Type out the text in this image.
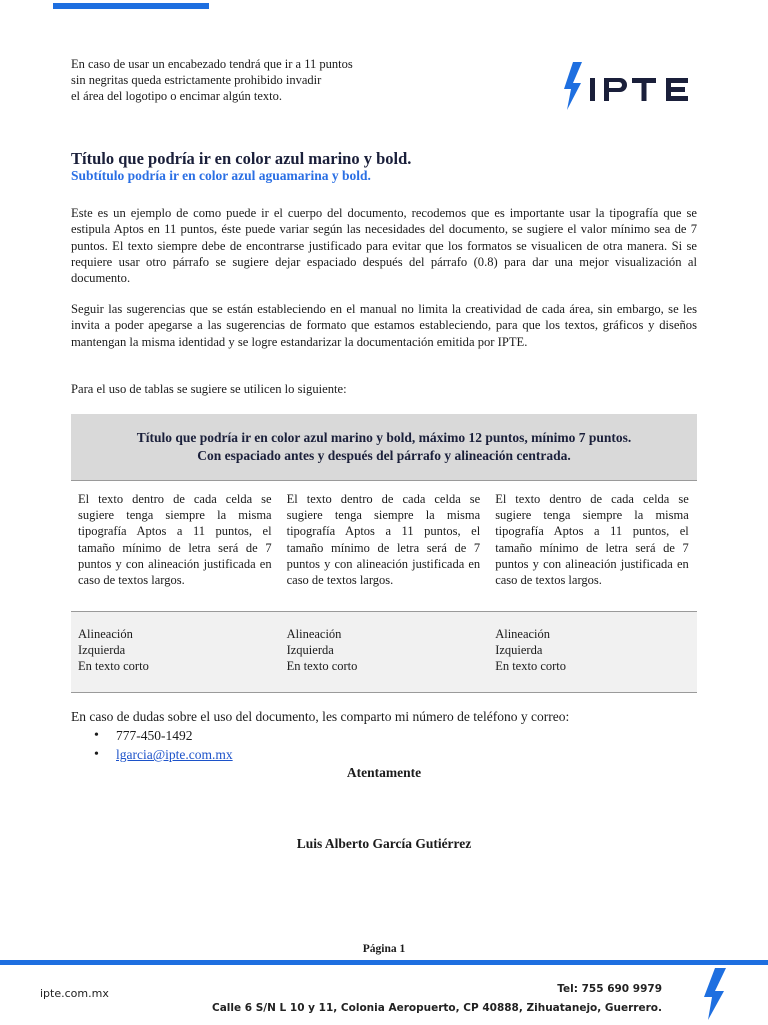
En caso de usar un encabezado tendrá que ir a 11 puntos
sin negritas queda estrictamente prohibido invadir
el área del logotipo o encimar algún texto.
Título que podría ir en color azul marino y bold.
Subtítulo podría ir en color azul aguamarina y bold.
Este es un ejemplo de como puede ir el cuerpo del documento, recodemos que es importante usar la tipografía que se estipula Aptos en 11 puntos, éste puede variar según las necesidades del documento, se sugiere el valor mínimo sea de 7 puntos. El texto siempre debe de encontrarse justificado para evitar que los formatos se visualicen de otra manera. Si se requiere usar otro párrafo se sugiere dejar espaciado después del párrafo (0.8) para dar una mejor visualización al documento.
Seguir las sugerencias que se están estableciendo en el manual no limita la creatividad de cada área, sin embargo, se les invita a poder apegarse a las sugerencias de formato que estamos estableciendo, para que los textos, gráficos y diseños mantengan la misma identidad y se logre estandarizar la documentación emitida por IPTE.
Para el uso de tablas se sugiere se utilicen lo siguiente:
Título que podría ir en color azul marino y bold, máximo 12 puntos, mínimo 7 puntos.
Con espaciado antes y después del párrafo y alineación centrada.
El texto dentro de cada celda se sugiere tenga siempre la misma tipografía Aptos a 11 puntos, el tamaño mínimo de letra será de 7 puntos y con alineación justificada en caso de textos largos.
El texto dentro de cada celda se sugiere tenga siempre la misma tipografía Aptos a 11 puntos, el tamaño mínimo de letra será de 7 puntos y con alineación justificada en caso de textos largos.
El texto dentro de cada celda se sugiere tenga siempre la misma tipografía Aptos a 11 puntos, el tamaño mínimo de letra será de 7 puntos y con alineación justificada en caso de textos largos.
Alineación
Izquierda
En texto corto
Alineación
Izquierda
En texto corto
Alineación
Izquierda
En texto corto
En caso de dudas sobre el uso del documento, les comparto mi número de teléfono y correo:
• 777-450-1492
• lgarcia@ipte.com.mx
Atentamente
Luis Alberto García Gutiérrez
Página 1
ipte.com.mx	Tel: 755 690 9979
Calle 6 S/N L 10 y 11, Colonia Aeropuerto, CP 40888, Zihuatanejo, Guerrero.
